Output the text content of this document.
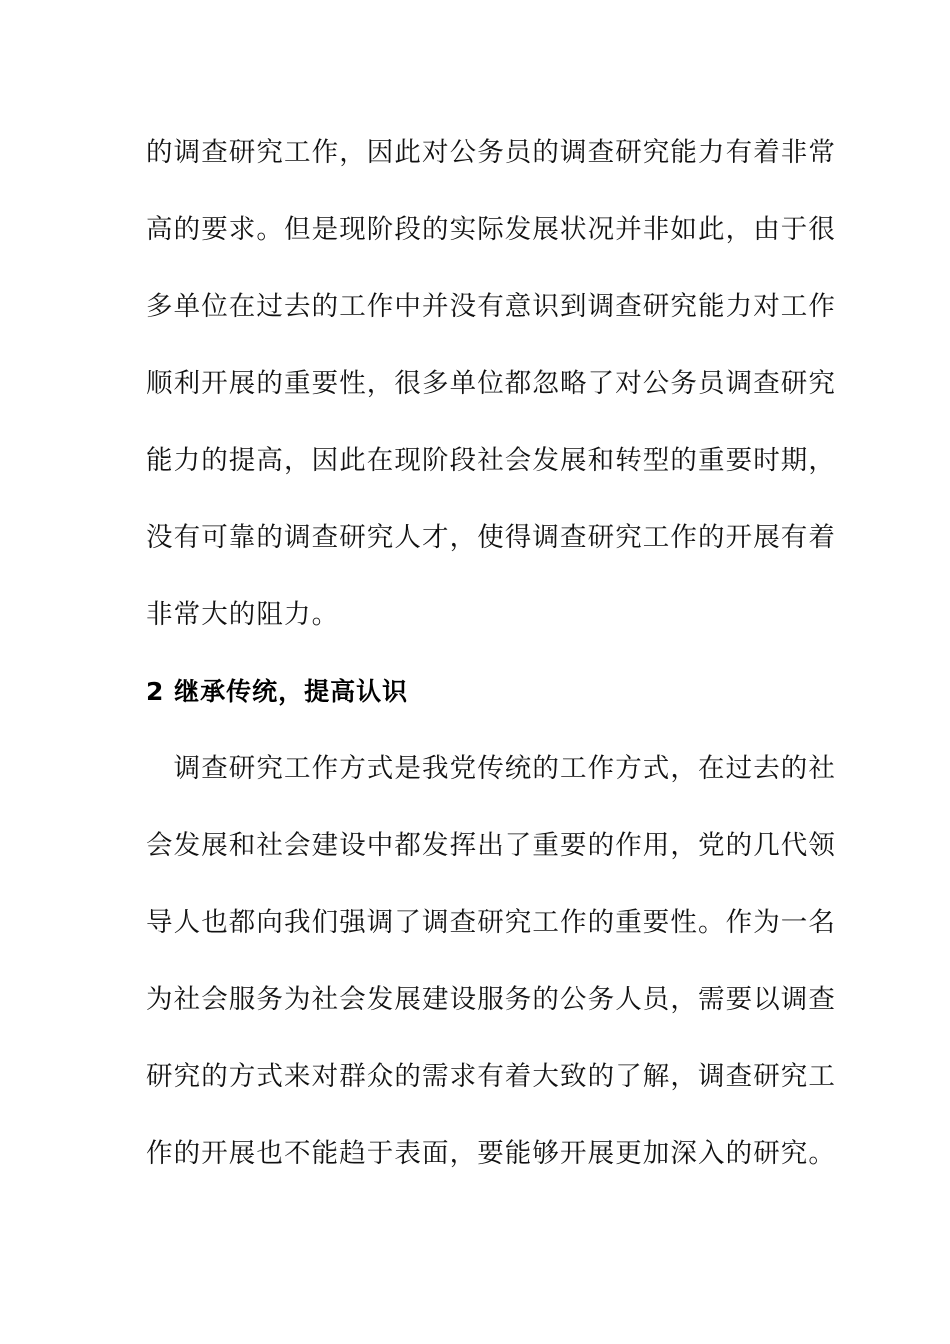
的调查研究工作，因此对公务员的调查研究能力有着非常
高的要求。但是现阶段的实际发展状况并非如此，由于很
多单位在过去的工作中并没有意识到调查研究能力对工作
顺利开展的重要性，很多单位都忽略了对公务员调查研究
能力的提高，因此在现阶段社会发展和转型的重要时期，
没有可靠的调查研究人才，使得调查研究工作的开展有着
非常大的阻力。
2 继承传统，提高认识
　调查研究工作方式是我党传统的工作方式，在过去的社
会发展和社会建设中都发挥出了重要的作用，党的几代领
导人也都向我们强调了调查研究工作的重要性。作为一名
为社会服务为社会发展建设服务的公务人员，需要以调查
研究的方式来对群众的需求有着大致的了解，调查研究工
作的开展也不能趋于表面，要能够开展更加深入的研究。
